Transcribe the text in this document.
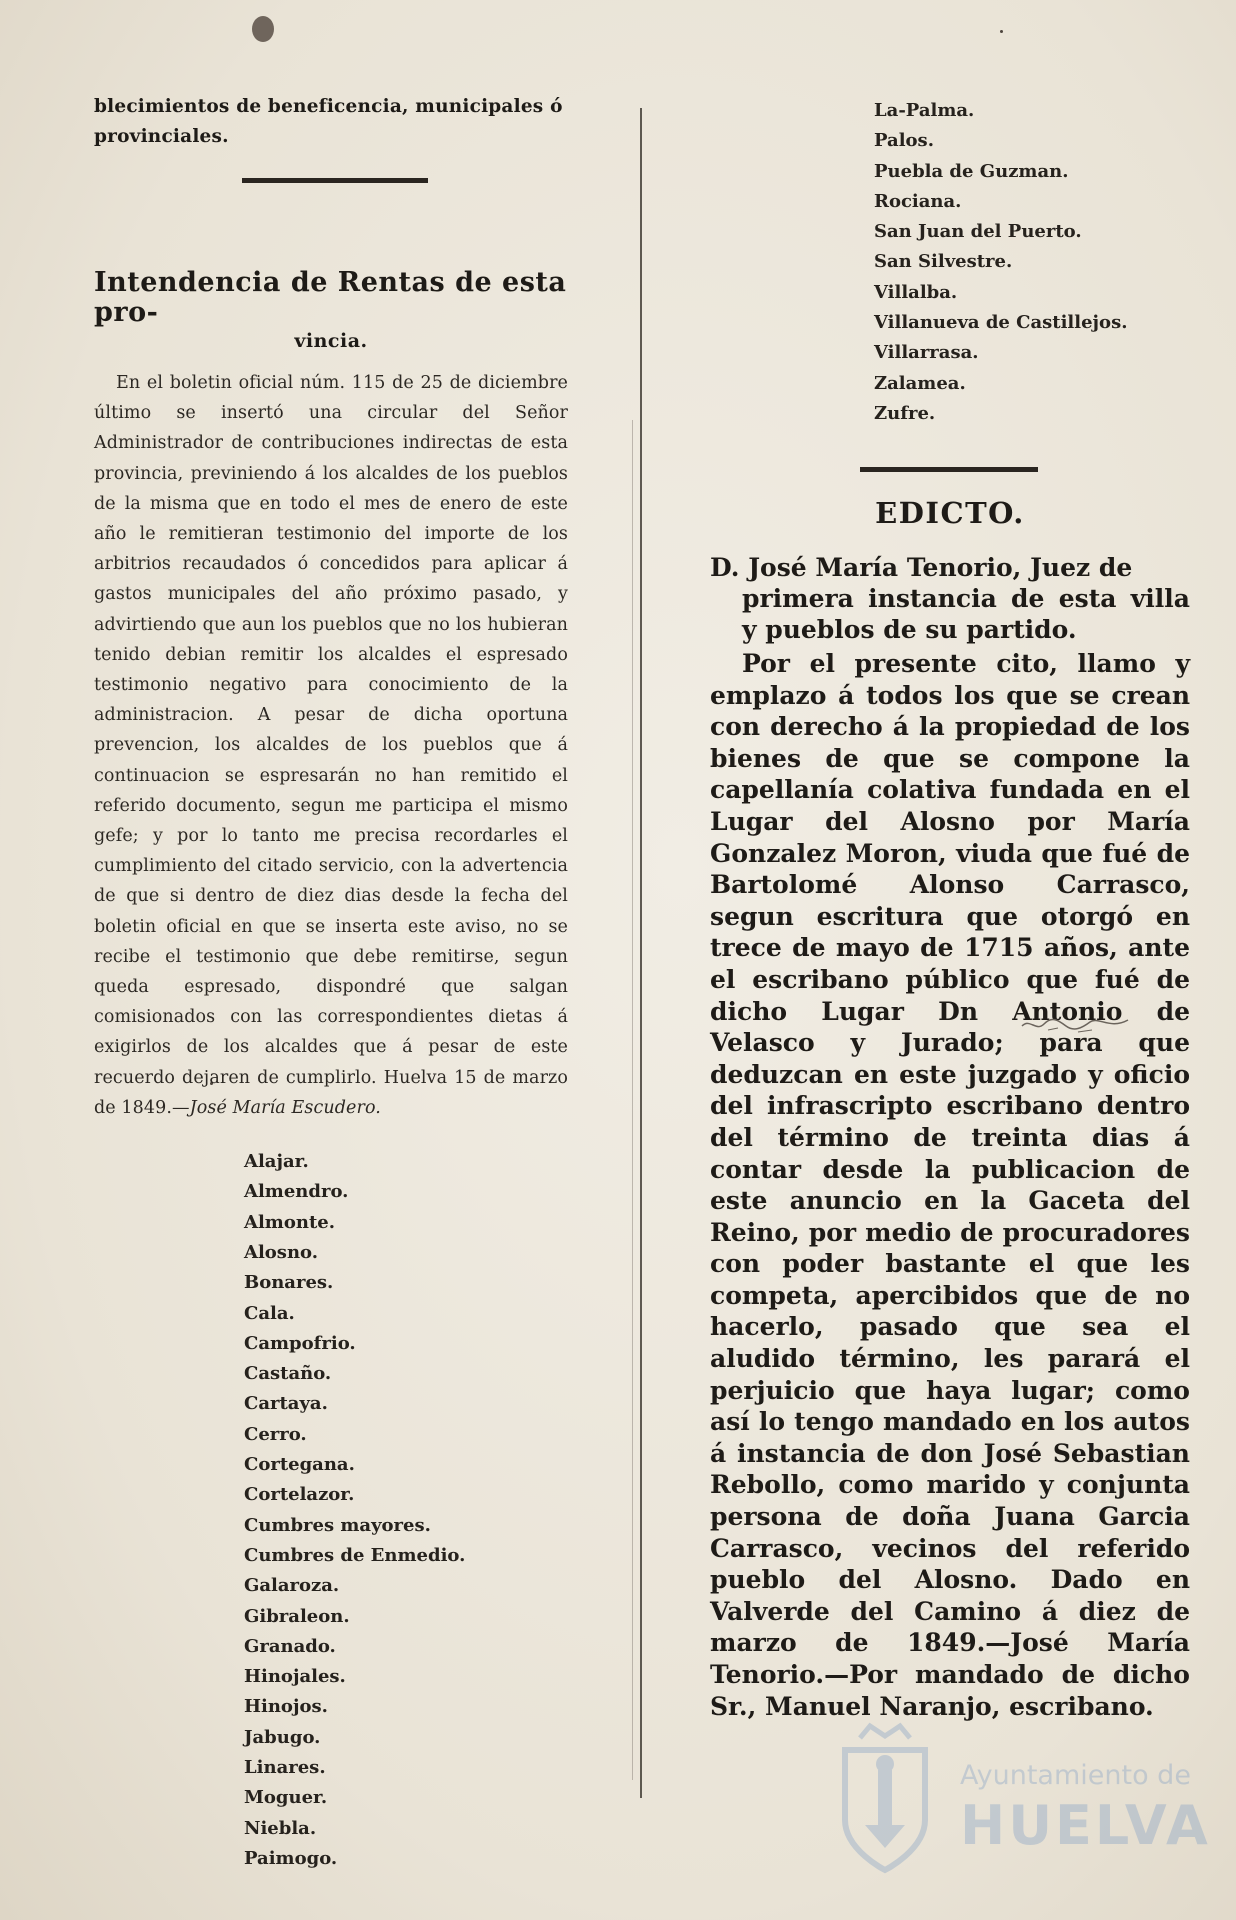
blecimientos de beneficencia, municipales ó provinciales.
Intendencia de Rentas de esta pro-
vincia.
En el boletin oficial núm. 115 de 25 de diciembre último se insertó una circular del Señor Administrador de contribuciones indirectas de esta provincia, previniendo á los alcaldes de los pueblos de la misma que en todo el mes de enero de este año le remitieran testimonio del importe de los arbitrios recaudados ó concedidos para aplicar á gastos municipales del año próximo pasado, y advirtiendo que aun los pueblos que no los hubieran tenido debian remitir los alcaldes el espresado testimonio negativo para conocimiento de la administracion. A pesar de dicha oportuna prevencion, los alcaldes de los pueblos que á continuacion se espresarán no han remitido el referido documento, segun me participa el mismo gefe; y por lo tanto me precisa recordarles el cumplimiento del citado servicio, con la advertencia de que si dentro de diez dias desde la fecha del boletin oficial en que se inserta este aviso, no se recibe el testimonio que debe remitirse, segun queda espresado, dispondré que salgan comisionados con las correspondientes dietas á exigirlos de los alcaldes que á pesar de este recuerdo dejaren de cumplirlo. Huelva 15 de marzo de 1849.—José María Escudero.
Alajar.
Almendro.
Almonte.
Alosno.
Bonares.
Cala.
Campofrio.
Castaño.
Cartaya.
Cerro.
Cortegana.
Cortelazor.
Cumbres mayores.
Cumbres de Enmedio.
Galaroza.
Gibraleon.
Granado.
Hinojales.
Hinojos.
Jabugo.
Linares.
Moguer.
Niebla.
Paimogo.
La-Palma.
Palos.
Puebla de Guzman.
Rociana.
San Juan del Puerto.
San Silvestre.
Villalba.
Villanueva de Castillejos.
Villarrasa.
Zalamea.
Zufre.
EDICTO.
D. José María Tenorio, Juez de
primera instancia de esta villa y pueblos de su partido.
Por el presente cito, llamo y emplazo á todos los que se crean con derecho á la propiedad de los bienes de que se compone la capellanía colativa fundada en el Lugar del Alosno por María Gonzalez Moron, viuda que fué de Bartolomé Alonso Carrasco, segun escritura que otorgó en trece de mayo de 1715 años, ante el escribano público que fué de dicho Lugar Dn Antonio de Velasco y Jurado; para que deduzcan en este juzgado y oficio del infrascripto escribano dentro del término de treinta dias á contar desde la publicacion de este anuncio en la Gaceta del Reino, por medio de procuradores con poder bastante el que les competa, apercibidos que de no hacerlo, pasado que sea el aludido término, les parará el perjuicio que haya lugar; como así lo tengo mandado en los autos á instancia de don José Sebastian Rebollo, como marido y conjunta persona de doña Juana Garcia Carrasco, vecinos del referido pueblo del Alosno. Dado en Valverde del Camino á diez de marzo de 1849.—José María Tenorio.—Por mandado de dicho Sr., Manuel Naranjo, escribano.
Ayuntamiento de
HUELVA
